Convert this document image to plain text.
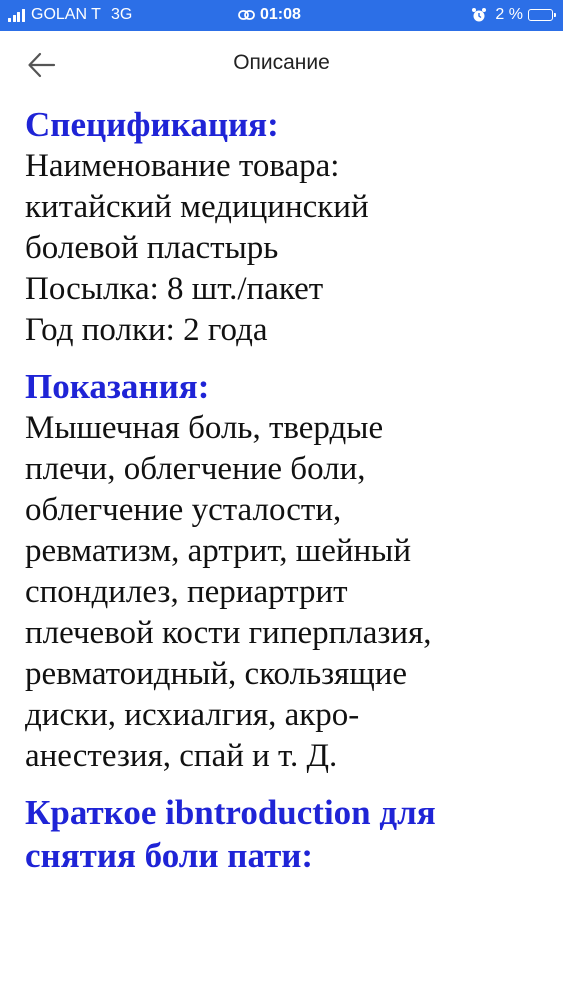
GOLAN T 3G	01:08	2 %
Описание
Спецификация:
Наименование товара:
китайский медицинский
болевой пластырь
Посылка: 8 шт./пакет
Год полки: 2 года
Показания:
Мышечная боль, твердые
плечи, облегчение боли,
облегчение усталости,
ревматизм, артрит, шейный
спондилез, периартрит
плечевой кости гиперплазия,
ревматоидный, скользящие
диски, исхиалгия, акро-
анестезия, спай и т. Д.
Краткое ibntroduction для
снятия боли пати:
